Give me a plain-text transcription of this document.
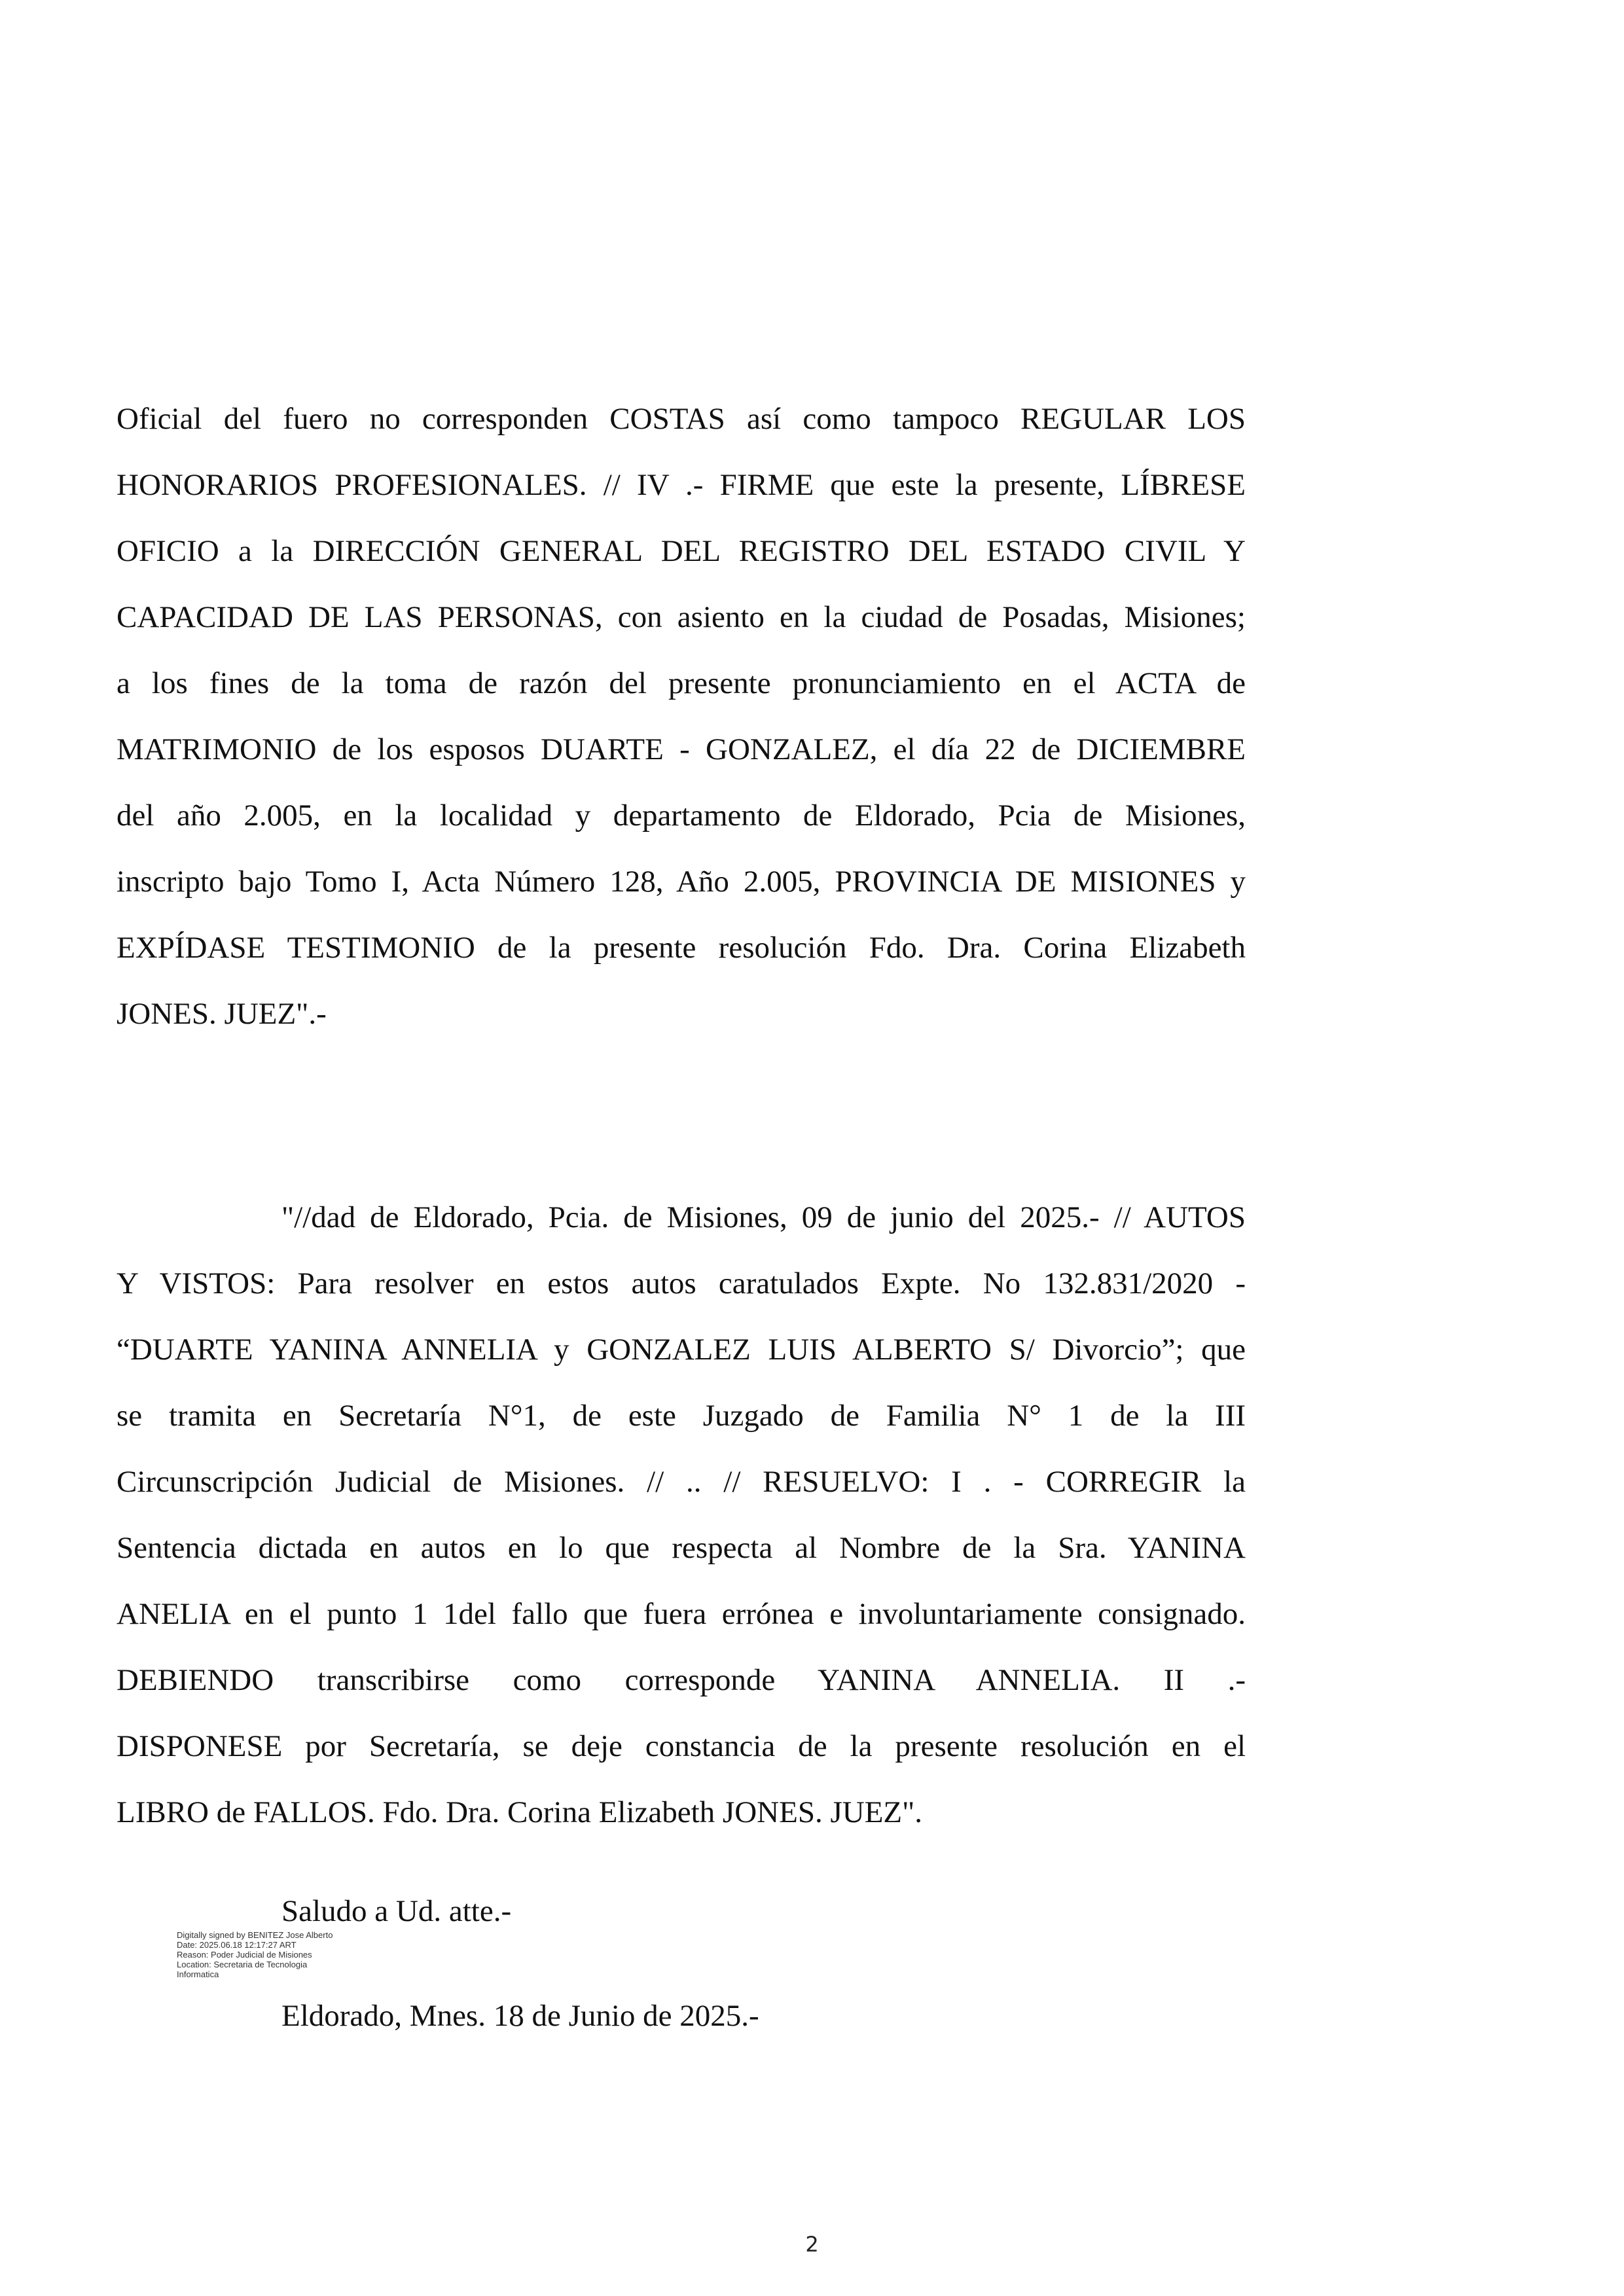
Oficial del fuero no corresponden COSTAS así como tampoco REGULAR LOS
HONORARIOS PROFESIONALES. // IV .- FIRME que este la presente, LÍBRESE
OFICIO a la DIRECCIÓN GENERAL DEL REGISTRO DEL ESTADO CIVIL Y
CAPACIDAD DE LAS PERSONAS, con asiento en la ciudad de Posadas, Misiones;
a los fines de la toma de razón del presente pronunciamiento en el ACTA de
MATRIMONIO de los esposos DUARTE - GONZALEZ, el día 22 de DICIEMBRE
del año 2.005, en la localidad y departamento de Eldorado, Pcia de Misiones,
inscripto bajo Tomo I, Acta Número 128, Año 2.005, PROVINCIA DE MISIONES y
EXPÍDASE TESTIMONIO de la presente resolución Fdo. Dra. Corina Elizabeth
JONES. JUEZ".-
"//dad de Eldorado, Pcia. de Misiones, 09 de junio del 2025.- // AUTOS
Y VISTOS: Para resolver en estos autos caratulados Expte. No 132.831/2020 -
“DUARTE YANINA ANNELIA y GONZALEZ LUIS ALBERTO S/ Divorcio”; que
se tramita en Secretaría N°1, de este Juzgado de Familia N° 1 de la III
Circunscripción Judicial de Misiones. // .. // RESUELVO: I . - CORREGIR la
Sentencia dictada en autos en lo que respecta al Nombre de la Sra. YANINA
ANELIA en el punto 1 1del fallo que fuera errónea e involuntariamente consignado.
DEBIENDO transcribirse como corresponde YANINA ANNELIA. II .-
DISPONESE por Secretaría, se deje constancia de la presente resolución en el
LIBRO de FALLOS. Fdo. Dra. Corina Elizabeth JONES. JUEZ".

Saludo a Ud. atte.-

Digitally signed by BENITEZ Jose Alberto
Date: 2025.06.18 12:17:27 ART
Reason: Poder Judicial de Misiones
Location: Secretaria de Tecnologia
Informatica

Eldorado, Mnes. 18 de Junio de 2025.-

2
